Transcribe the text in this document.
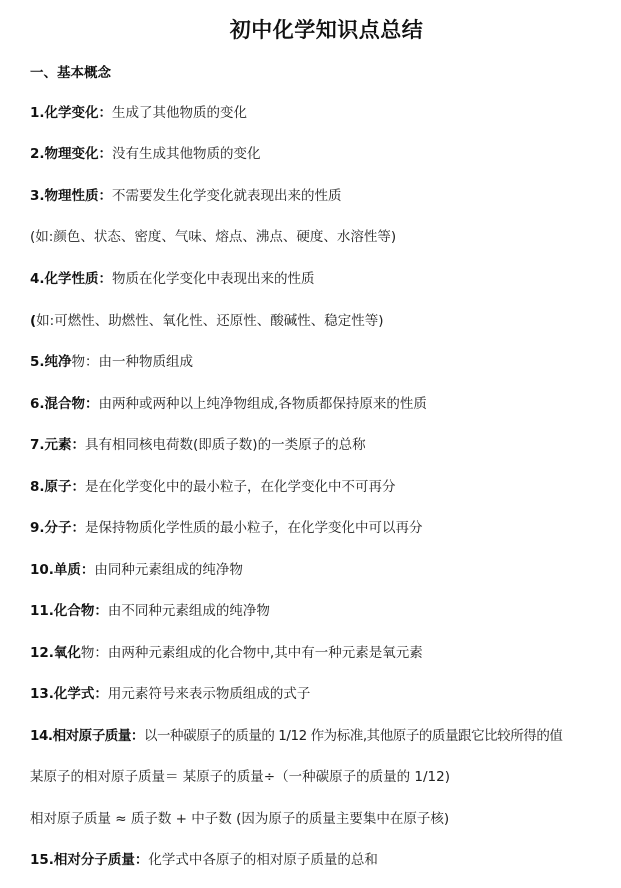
初中化学知识点总结
一、基本概念
1.化学变化：生成了其他物质的变化
2.物理变化：没有生成其他物质的变化
3.物理性质：不需要发生化学变化就表现出来的性质
(如:颜色、状态、密度、气味、熔点、沸点、硬度、水溶性等)
4.化学性质：物质在化学变化中表现出来的性质
(如:可燃性、助燃性、氧化性、还原性、酸碱性、稳定性等)
5.纯净物：由一种物质组成
6.混合物：由两种或两种以上纯净物组成,各物质都保持原来的性质
7.元素：具有相同核电荷数(即质子数)的一类原子的总称
8.原子：是在化学变化中的最小粒子，在化学变化中不可再分
9.分子：是保持物质化学性质的最小粒子，在化学变化中可以再分
10.单质：由同种元素组成的纯净物
11.化合物：由不同种元素组成的纯净物
12.氧化物：由两种元素组成的化合物中,其中有一种元素是氧元素
13.化学式：用元素符号来表示物质组成的式子
14.相对原子质量：以一种碳原子的质量的 1/12 作为标准,其他原子的质量跟它比较所得的值
某原子的相对原子质量＝ 某原子的质量÷（一种碳原子的质量的 1/12)
相对原子质量 ≈ 质子数 + 中子数 (因为原子的质量主要集中在原子核)
15.相对分子质量：化学式中各原子的相对原子质量的总和
